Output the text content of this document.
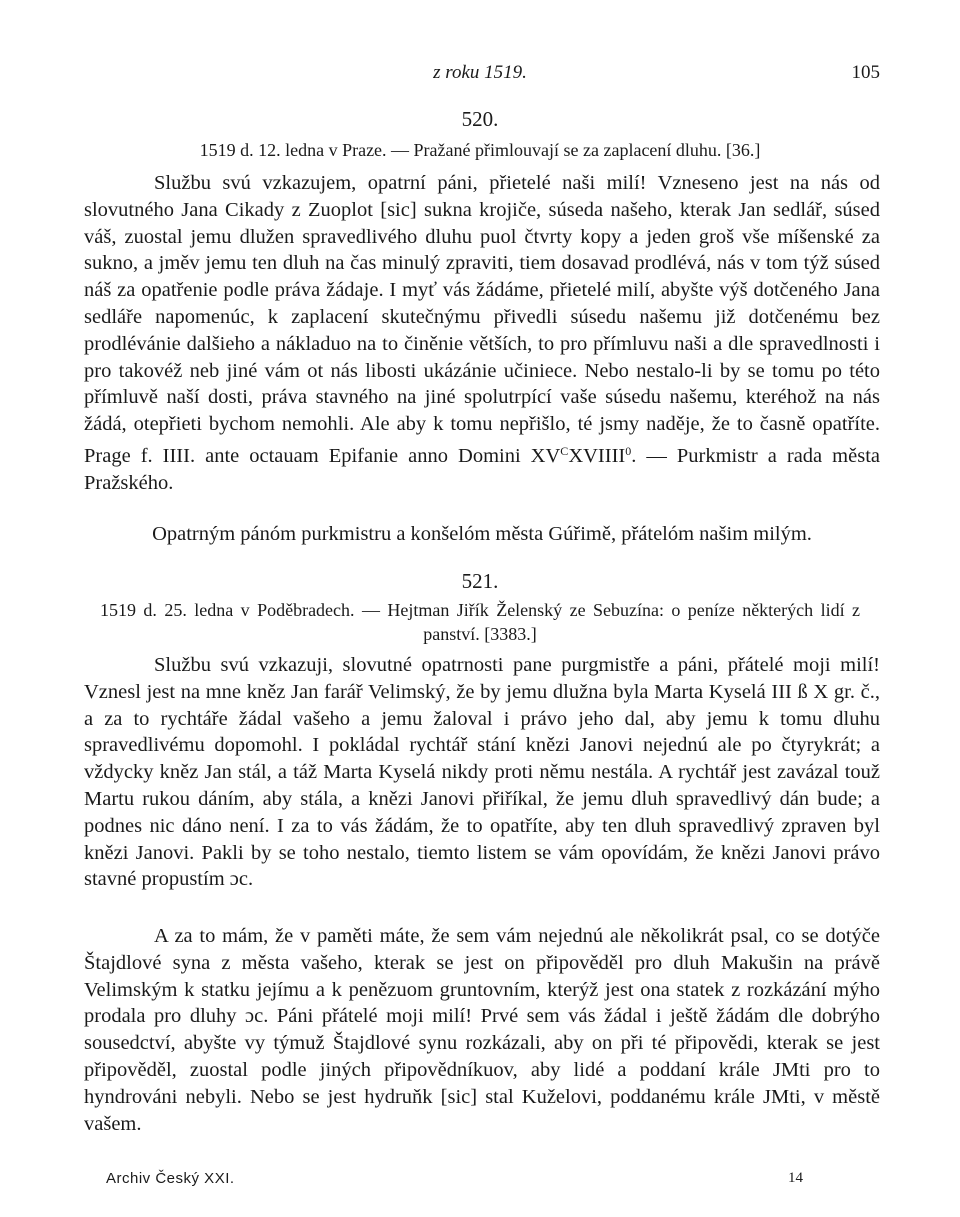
z roku 1519.	105
520.
1519 d. 12. ledna v Praze. — Pražané přimlouvají se za zaplacení dluhu. [36.]

Službu svú vzkazujem, opatrní páni, přietelé naši milí! Vzneseno jest na nás od slovutného Jana Cikady z Zuoplot [sic] sukna krojiče, súseda našeho, kterak Jan sedlář, súsed váš, zuostal jemu dlužen spravedlivého dluhu puol čtvrty kopy a jeden groš vše míšenské za sukno, a jměv jemu ten dluh na čas minulý zpraviti, tiem dosavad prodlévá, nás v tom týž súsed náš za opatřenie podle práva žádaje. I myť vás žádáme, přietelé milí, abyšte výš dotčeného Jana sedláře napomenúc, k zaplacení skutečnýmu přivedli súsedu našemu již dotčenému bez prodlévánie dalšieho a nákladuo na to činěnie větších, to pro přímluvu naši a dle spravedlnosti i pro takovéž neb jiné vám ot nás libosti ukázánie učiniece. Nebo nestalo-li by se tomu po této přímluvě naší dosti, práva stavného na jiné spolutrpící vaše súsedu našemu, kteréhož na nás žádá, otepřieti bychom nemohli. Ale aby k tomu nepřišlo, té jsmy naděje, že to časně opatříte. Prage f. IIII. ante octauam Epifanie anno Domini $XV^CXVIIII^0$. — Purkmistr a rada města Pražského.

Opatrným pánóm purkmistru a konšelóm města Gúřimě, přátelóm našim milým.

521.
1519 d. 25. ledna v Poděbradech. — Hejtman Jiřík Želenský ze Sebuzína: o peníze některých lidí z panství. [3383.]

Službu svú vzkazuji, slovutné opatrnosti pane purgmistře a páni, přátelé moji milí! Vznesl jest na mne kněz Jan farář Velimský, že by jemu dlužna byla Marta Kyselá III ß X gr. č., a za to rychtáře žádal vašeho a jemu žaloval i právo jeho dal, aby jemu k tomu dluhu spravedlivému dopomohl. I pokládal rychtář stání knězi Janovi nejednú ale po čtyrykrát; a vždycky kněz Jan stál, a táž Marta Kyselá nikdy proti němu nestála. A rychtář jest zavázal touž Martu rukou dáním, aby stála, a knězi Janovi přiříkal, že jemu dluh spravedlivý dán bude; a podnes nic dáno není. I za to vás žádám, že to opatříte, aby ten dluh spravedlivý zpraven byl knězi Janovi. Pakli by se toho nestalo, tiemto listem se vám opovídám, že knězi Janovi právo stavné propustím ɔc.

A za to mám, že v paměti máte, že sem vám nejednú ale několikrát psal, co se dotýče Štajdlové syna z města vašeho, kterak se jest on připověděl pro dluh Makušin na právě Velimským k statku jejímu a k penězuom gruntovním, kterýž jest ona statek z rozkázání mýho prodala pro dluhy ɔc. Páni přátelé moji milí! Prvé sem vás žádal i ještě žádám dle dobrýho sousedctví, abyšte vy týmuž Štajdlové synu rozkázali, aby on při té připovědi, kterak se jest připověděl, zuostal podle jiných připovědníkuov, aby lidé a poddaní krále JMti pro to hyndrováni nebyli. Nebo se jest hydruňk [sic] stal Kuželovi, poddanému krále JMti, v městě vašem.

Archiv Český XXI.	14
